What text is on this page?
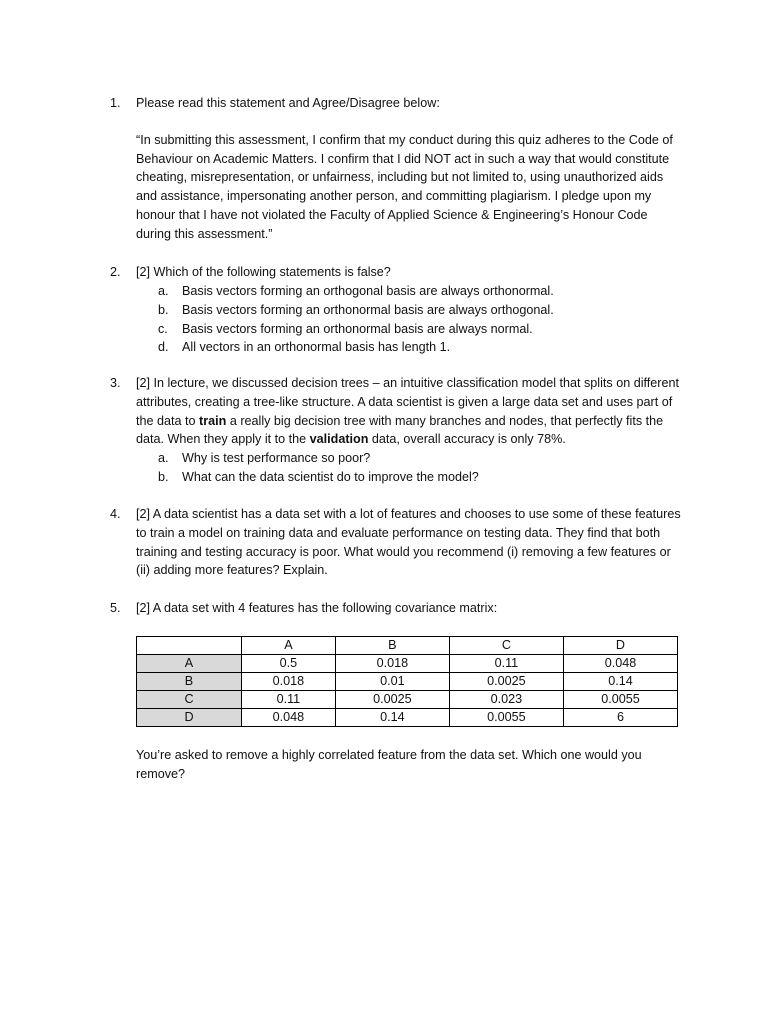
1. Please read this statement and Agree/Disagree below:

“In submitting this assessment, I confirm that my conduct during this quiz adheres to the Code of Behaviour on Academic Matters. I confirm that I did NOT act in such a way that would constitute cheating, misrepresentation, or unfairness, including but not limited to, using unauthorized aids and assistance, impersonating another person, and committing plagiarism. I pledge upon my honour that I have not violated the Faculty of Applied Science & Engineering’s Honour Code during this assessment.”

2. [2] Which of the following statements is false?

a. Basis vectors forming an orthogonal basis are always orthonormal.

b. Basis vectors forming an orthonormal basis are always orthogonal.

c. Basis vectors forming an orthonormal basis are always normal.

d. All vectors in an orthonormal basis has length 1.

3. [2] In lecture, we discussed decision trees – an intuitive classification model that splits on different attributes, creating a tree-like structure. A data scientist is given a large data set and uses part of the data to train a really big decision tree with many branches and nodes, that perfectly fits the data. When they apply it to the validation data, overall accuracy is only 78%.

a. Why is test performance so poor?

b. What can the data scientist do to improve the model?

4. [2] A data scientist has a data set with a lot of features and chooses to use some of these features to train a model on training data and evaluate performance on testing data. They find that both training and testing accuracy is poor. What would you recommend (i) removing a few features or (ii) adding more features? Explain.

5. [2] A data set with 4 features has the following covariance matrix:

	A	B	C	D
A	0.5	0.018	0.11	0.048
B	0.018	0.01	0.0025	0.14
C	0.11	0.0025	0.023	0.0055
D	0.048	0.14	0.0055	6

You’re asked to remove a highly correlated feature from the data set. Which one would you remove?
